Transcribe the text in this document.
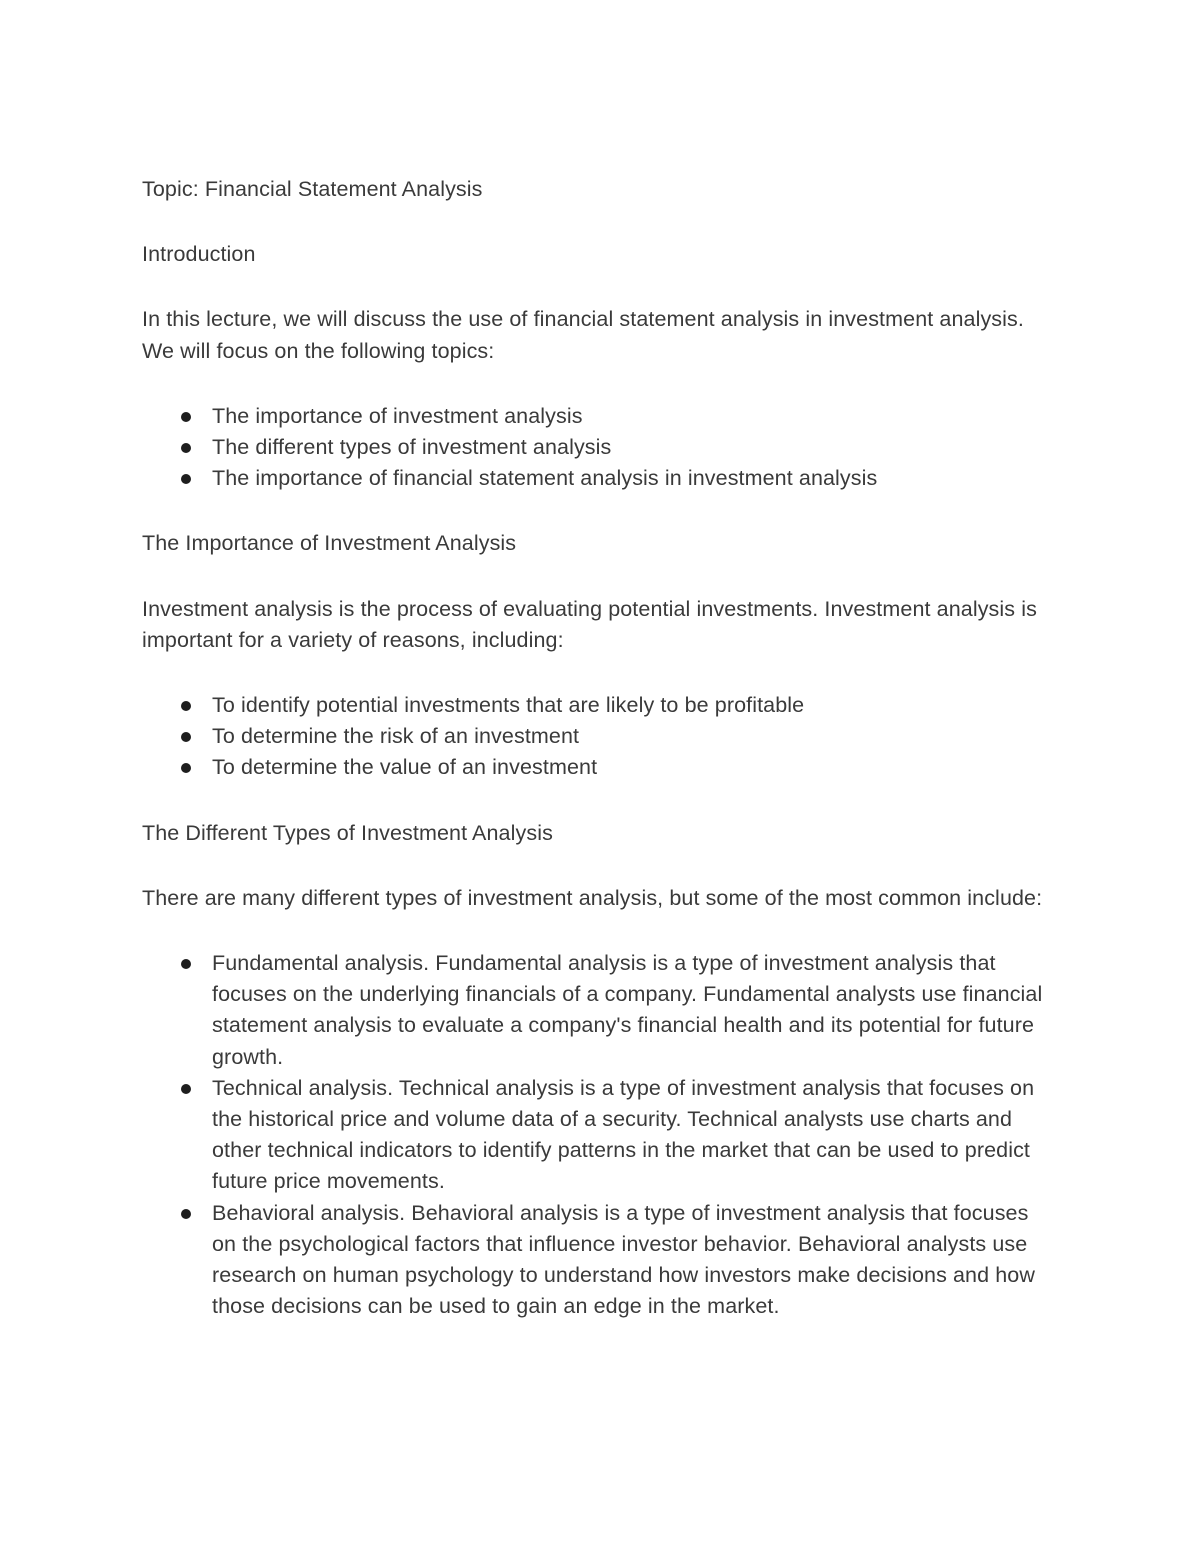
Topic: Financial Statement Analysis

Introduction

In this lecture, we will discuss the use of financial statement analysis in investment analysis. We will focus on the following topics:

The importance of investment analysis
The different types of investment analysis
The importance of financial statement analysis in investment analysis

The Importance of Investment Analysis

Investment analysis is the process of evaluating potential investments. Investment analysis is important for a variety of reasons, including:

To identify potential investments that are likely to be profitable
To determine the risk of an investment
To determine the value of an investment

The Different Types of Investment Analysis

There are many different types of investment analysis, but some of the most common include:

Fundamental analysis. Fundamental analysis is a type of investment analysis that focuses on the underlying financials of a company. Fundamental analysts use financial statement analysis to evaluate a company's financial health and its potential for future growth.
Technical analysis. Technical analysis is a type of investment analysis that focuses on the historical price and volume data of a security. Technical analysts use charts and other technical indicators to identify patterns in the market that can be used to predict future price movements.
Behavioral analysis. Behavioral analysis is a type of investment analysis that focuses on the psychological factors that influence investor behavior. Behavioral analysts use research on human psychology to understand how investors make decisions and how those decisions can be used to gain an edge in the market.
